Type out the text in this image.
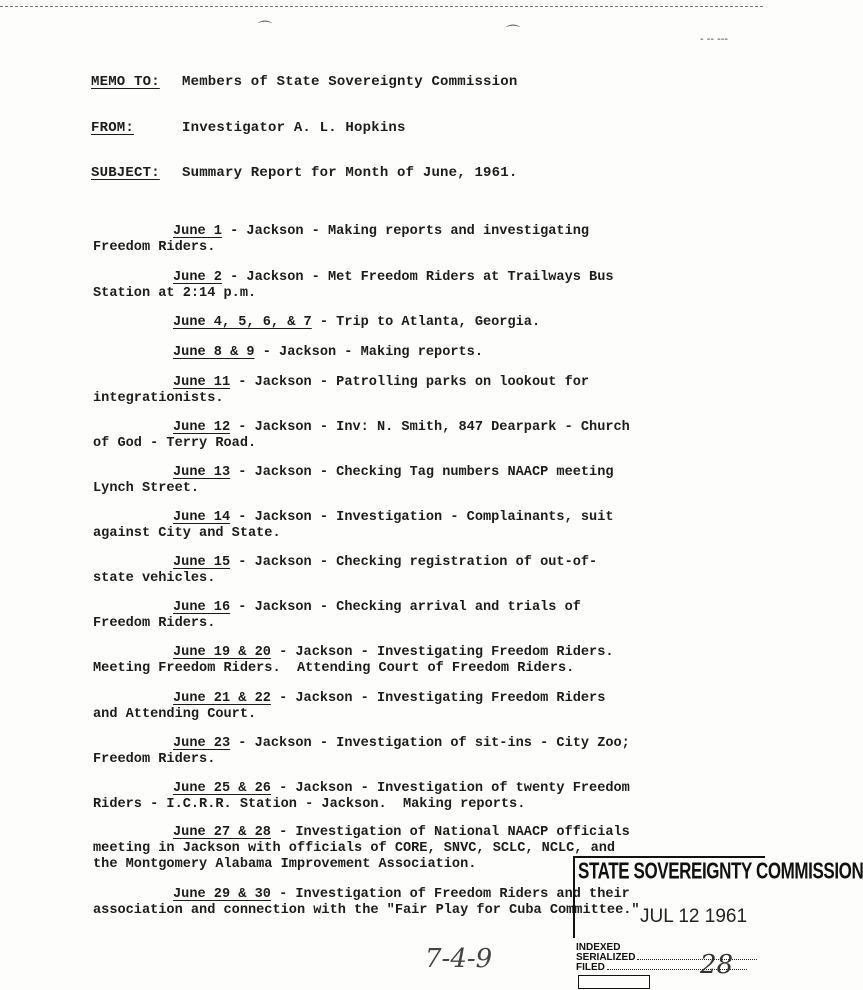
⌒	⌒	- -- ---
MEMO TO: Members of State Sovereignty Commission
FROM:	Investigator A. L. Hopkins
SUBJECT: Summary Report for Month of June, 1961.
June 1 - Jackson - Making reports and investigating
Freedom Riders.
June 2 - Jackson - Met Freedom Riders at Trailways Bus
Station at 2:14 p.m.
June 4, 5, 6, & 7 - Trip to Atlanta, Georgia.
June 8 & 9 - Jackson - Making reports.
June 11 - Jackson - Patrolling parks on lookout for
integrationists.
June 12 - Jackson - Inv: N. Smith, 847 Dearpark - Church
of God - Terry Road.
June 13 - Jackson - Checking Tag numbers NAACP meeting
Lynch Street.
June 14 - Jackson - Investigation - Complainants, suit
against City and State.
June 15 - Jackson - Checking registration of out-of-
state vehicles.
June 16 - Jackson - Checking arrival and trials of
Freedom Riders.
June 19 & 20 - Jackson - Investigating Freedom Riders.
Meeting Freedom Riders.  Attending Court of Freedom Riders.
June 21 & 22 - Jackson - Investigating Freedom Riders
and Attending Court.
June 23 - Jackson - Investigation of sit-ins - City Zoo;
Freedom Riders.
June 25 & 26 - Jackson - Investigation of twenty Freedom
Riders - I.C.R.R. Station - Jackson.  Making reports.
June 27 & 28 - Investigation of National NAACP officials
meeting in Jackson with officials of CORE, SNVC, SCLC, NCLC, and
the Montgomery Alabama Improvement Association.
June 29 & 30 - Investigation of Freedom Riders and their
association and connection with the "Fair Play for Cuba Committee."
STATE SOVEREIGNTY COMMISSION
JUL 12 1961
INDEXED
SERIALIZED
FILED
7-4-9	28
